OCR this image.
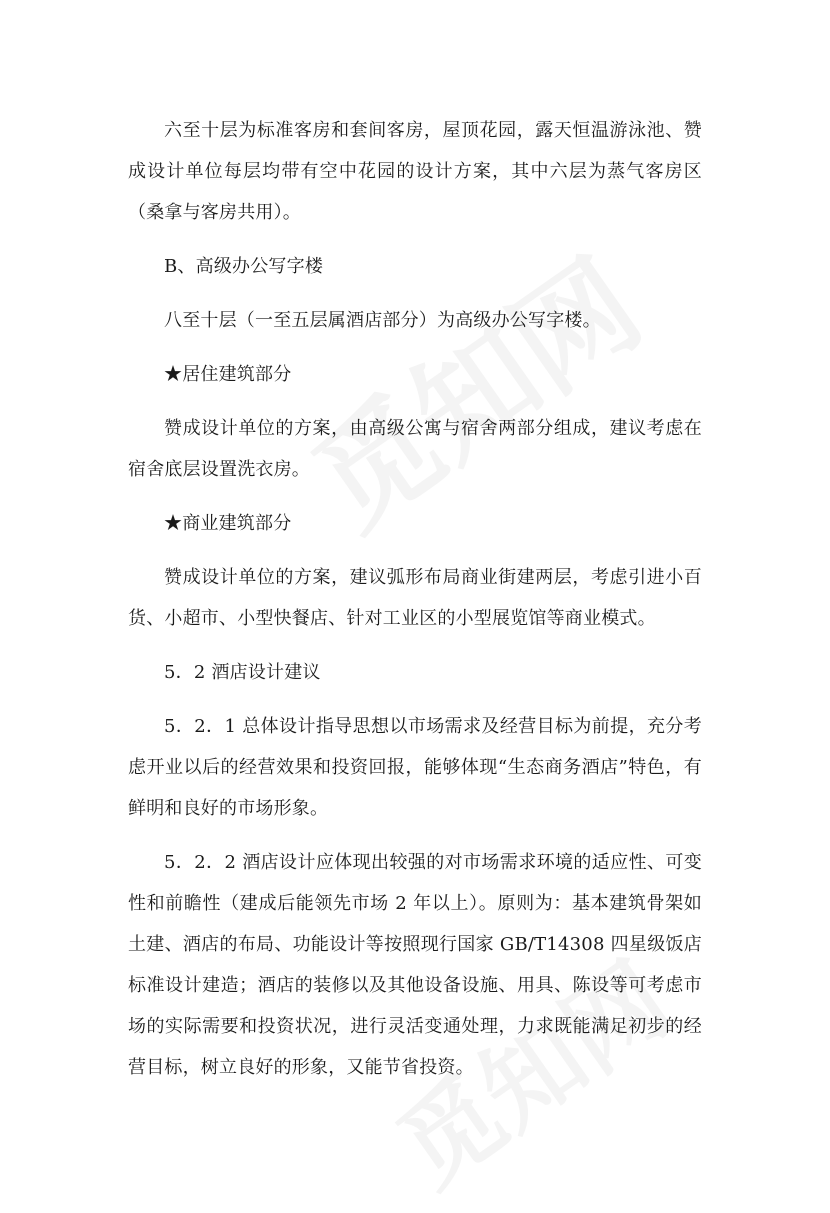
六至十层为标准客房和套间客房，屋顶花园，露天恒温游泳池、赞成设计单位每层均带有空中花园的设计方案，其中六层为蒸气客房区（桑拿与客房共用）。

B、高级办公写字楼

八至十层（一至五层属酒店部分）为高级办公写字楼。

★居住建筑部分

赞成设计单位的方案，由高级公寓与宿舍两部分组成，建议考虑在宿舍底层设置洗衣房。

★商业建筑部分

赞成设计单位的方案，建议弧形布局商业街建两层，考虑引进小百货、小超市、小型快餐店、针对工业区的小型展览馆等商业模式。

5．2 酒店设计建议

5．2．1 总体设计指导思想以市场需求及经营目标为前提，充分考虑开业以后的经营效果和投资回报，能够体现“生态商务酒店”特色，有鲜明和良好的市场形象。

5．2．2 酒店设计应体现出较强的对市场需求环境的适应性、可变性和前瞻性（建成后能领先市场 2 年以上）。原则为：基本建筑骨架如土建、酒店的布局、功能设计等按照现行国家 GB/T14308 四星级饭店标准设计建造；酒店的装修以及其他设备设施、用具、陈设等可考虑市场的实际需要和投资状况，进行灵活变通处理，力求既能满足初步的经营目标，树立良好的形象，又能节省投资。
